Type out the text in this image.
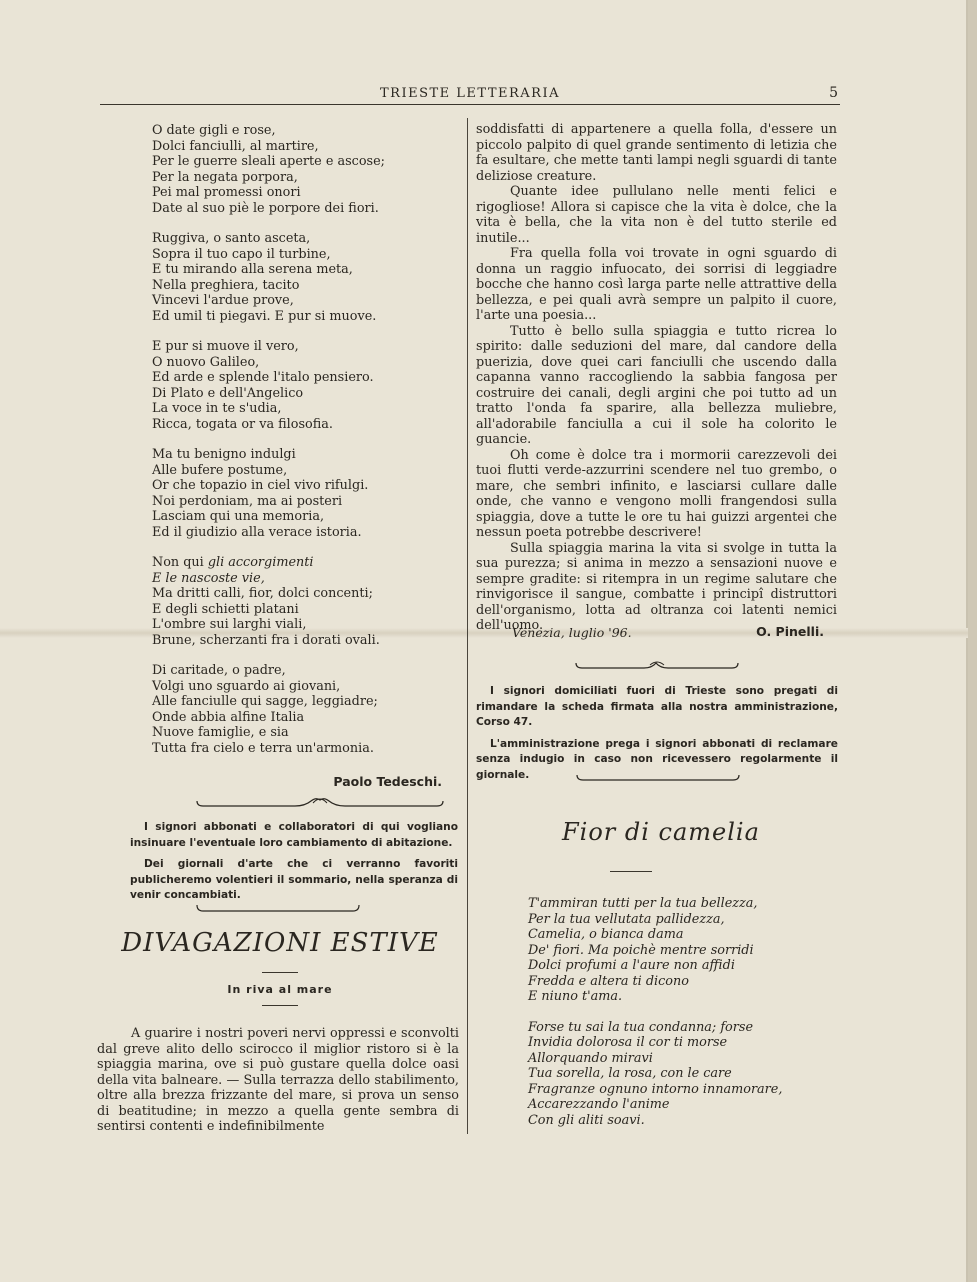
TRIESTE LETTERARIA	5
O date gigli e rose,
Dolci fanciulli, al martire,
Per le guerre sleali aperte e ascose;
Per la negata porpora,
Pei mal promessi onori
Date al suo piè le porpore dei fiori.
Ruggiva, o santo asceta,
Sopra il tuo capo il turbine,
E tu mirando alla serena meta,
Nella preghiera, tacito
Vincevi l'ardue prove,
Ed umil ti piegavi. E pur si muove.
E pur si muove il vero,
O nuovo Galileo,
Ed arde e splende l'italo pensiero.
Di Plato e dell'Angelico
La voce in te s'udia,
Ricca, togata or va filosofia.
Ma tu benigno indulgi
Alle bufere postume,
Or che topazio in ciel vivo rifulgi.
Noi perdoniam, ma ai posteri
Lasciam qui una memoria,
Ed il giudizio alla verace istoria.
Non qui gli accorgimenti
E le nascoste vie,
Ma dritti calli, fior, dolci concenti;
E degli schietti platani
L'ombre sui larghi viali,
Brune, scherzanti fra i dorati ovali.
Di caritade, o padre,
Volgi uno sguardo ai giovani,
Alle fanciulle qui sagge, leggiadre;
Onde abbia alfine Italia
Nuove famiglie, e sia
Tutta fra cielo e terra un'armonia.
Paolo Tedeschi.

I signori abbonati e collaboratori di qui vogliano insinuare l'eventuale loro cambiamento di abitazione.

Dei giornali d'arte che ci verranno favoriti publicheremo volentieri il sommario, nella speranza di venir concambiati.

DIVAGAZIONI ESTIVE
In riva al mare

A guarire i nostri poveri nervi oppressi e sconvolti dal greve alito dello scirocco il miglior ristoro si è la spiaggia marina, ove si può gustare quella dolce oasi della vita balneare. — Sulla terrazza dello stabilimento, oltre alla brezza frizzante del mare, si prova un senso di beatitudine; in mezzo a quella gente sembra di sentirsi contenti e indefinibilmente

soddisfatti di appartenere a quella folla, d'essere un piccolo palpito di quel grande sentimento di letizia che fa esultare, che mette tanti lampi negli sguardi di tante deliziose creature.

Quante idee pullulano nelle menti felici e rigogliose! Allora si capisce che la vita è dolce, che la vita è bella, che la vita non è del tutto sterile ed inutile...

Fra quella folla voi trovate in ogni sguardo di donna un raggio infuocato, dei sorrisi di leggiadre bocche che hanno così larga parte nelle attrattive della bellezza, e pei quali avrà sempre un palpito il cuore, l'arte una poesia...

Tutto è bello sulla spiaggia e tutto ricrea lo spirito: dalle seduzioni del mare, dal candore della puerizia, dove quei cari fanciulli che uscendo dalla capanna vanno raccogliendo la sabbia fangosa per costruire dei canali, degli argini che poi tutto ad un tratto l'onda fa sparire, alla bellezza muliebre, all'adorabile fanciulla a cui il sole ha colorito le guancie.

Oh come è dolce tra i mormorii carezzevoli dei tuoi flutti verde-azzurrini scendere nel tuo grembo, o mare, che sembri infinito, e lasciarsi cullare dalle onde, che vanno e vengono molli frangendosi sulla spiaggia, dove a tutte le ore tu hai guizzi argentei che nessun poeta potrebbe descrivere!

Sulla spiaggia marina la vita si svolge in tutta la sua purezza; si anima in mezzo a sensazioni nuove e sempre gradite: si ritempra in un regime salutare che rinvigorisce il sangue, combatte i principî distruttori dell'organismo, lotta ad oltranza coi latenti nemici dell'uomo.

Venezia, luglio '96.	O. Pinelli.

I signori domiciliati fuori di Trieste sono pregati di rimandare la scheda firmata alla nostra amministrazione, Corso 47.

L'amministrazione prega i signori abbonati di reclamare senza indugio in caso non ricevessero regolarmente il giornale.

Fior di camelia
T'ammiran tutti per la tua bellezza,
Per la tua vellutata pallidezza,
Camelia, o bianca dama
De' fiori. Ma poichè mentre sorridi
Dolci profumi a l'aure non affidi
Fredda e altera ti dicono
E niuno t'ama.
Forse tu sai la tua condanna; forse
Invidia dolorosa il cor ti morse
Allorquando miravi
Tua sorella, la rosa, con le care
Fragranze ognuno intorno innamorare,
Accarezzando l'anime
Con gli aliti soavi.
